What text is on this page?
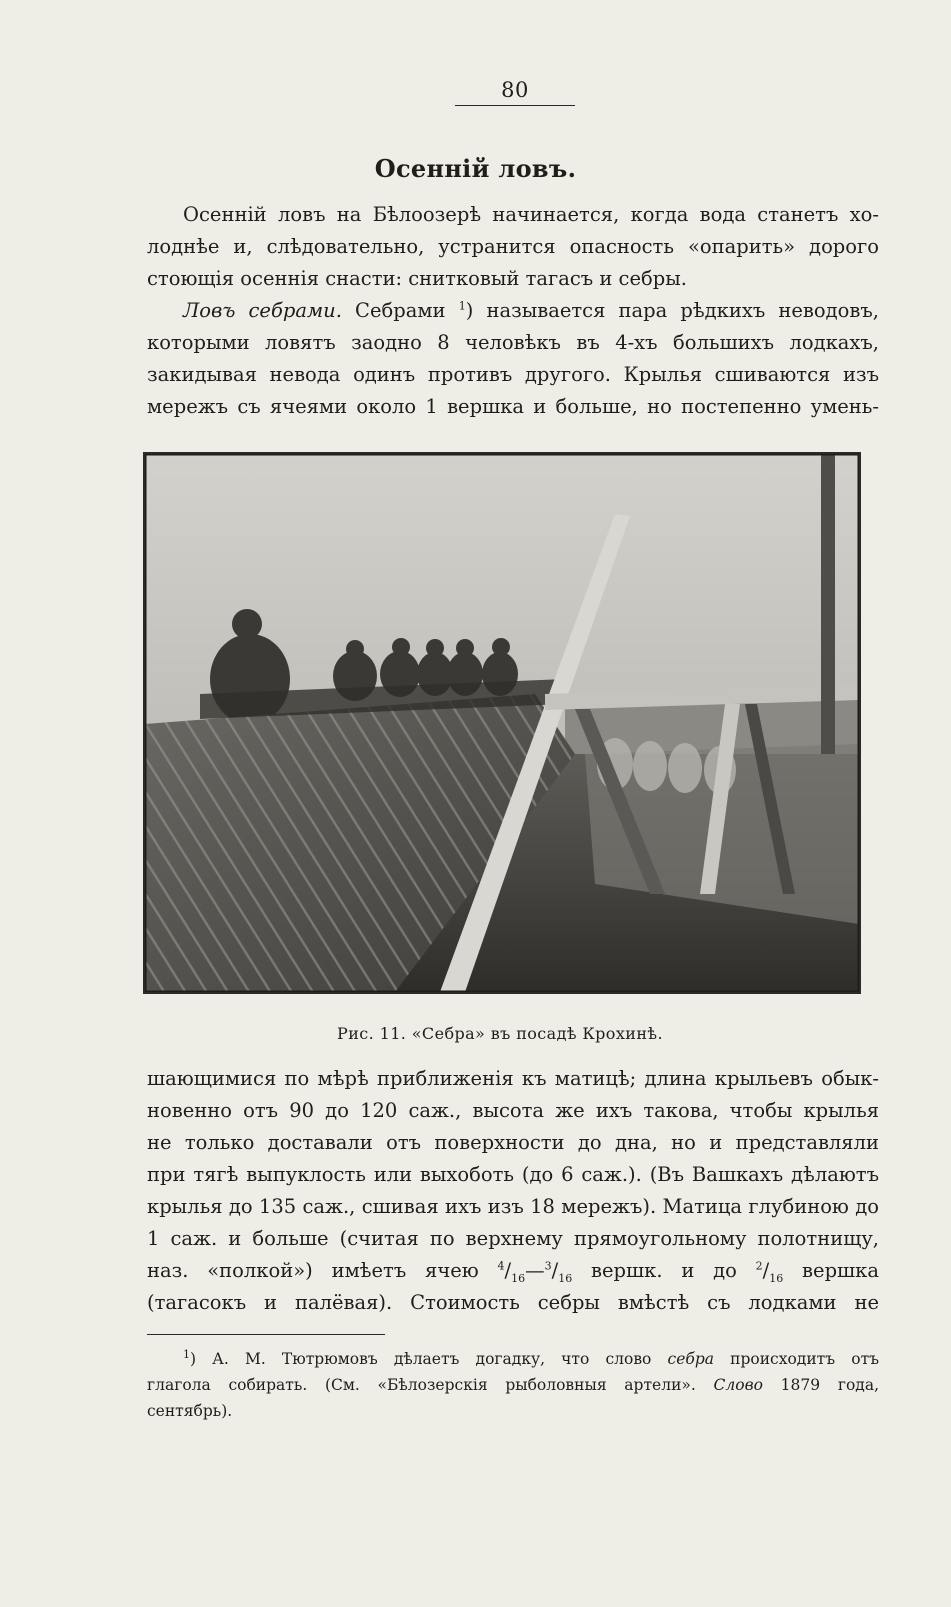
80
Осенній ловъ.
Осенній ловъ на Бѣлоозерѣ начинается, когда вода станетъ хо-
лоднѣе и, слѣдовательно, устранится опасность «опарить» дорого
стоющія осеннія снасти: снитковый тагасъ и себры.
Ловъ себрами. Себрами $^1$) называется пара рѣдкихъ неводовъ,
которыми ловятъ заодно 8 человѣкъ въ 4-хъ большихъ лодкахъ,
закидывая невода одинъ противъ другого. Крылья сшиваются изъ
мережъ съ ячеями около 1 вершка и больше, но постепенно умень-
Рис. 11. «Себра» въ посадѣ Крохинѣ.
шающимися по мѣрѣ приближенія къ матицѣ; длина крыльевъ обык-
новенно отъ 90 до 120 саж., высота же ихъ такова, чтобы крылья
не только доставали отъ поверхности до дна, но и представляли
при тягѣ выпуклость или выхоботь (до 6 саж.). (Въ Вашкахъ дѣлаютъ
крылья до 135 саж., сшивая ихъ изъ 18 мережъ). Матица глубиною до
1 саж. и больше (считая по верхнему прямоугольному полотнищу,
наз. «полкой») имѣетъ ячею $^4/_{16}—^3/_{16}$ вершк. и до $^2/_{16}$ вершка
(тагасокъ и палёвая). Стоимость себры вмѣстѣ съ лодками не
$^1$) А. М. Тютрюмовъ дѣлаетъ догадку, что слово себра происходитъ отъ
глагола собирать. (См. «Бѣлозерскія рыболовныя артели». Слово 1879 года,
сентябрь).
